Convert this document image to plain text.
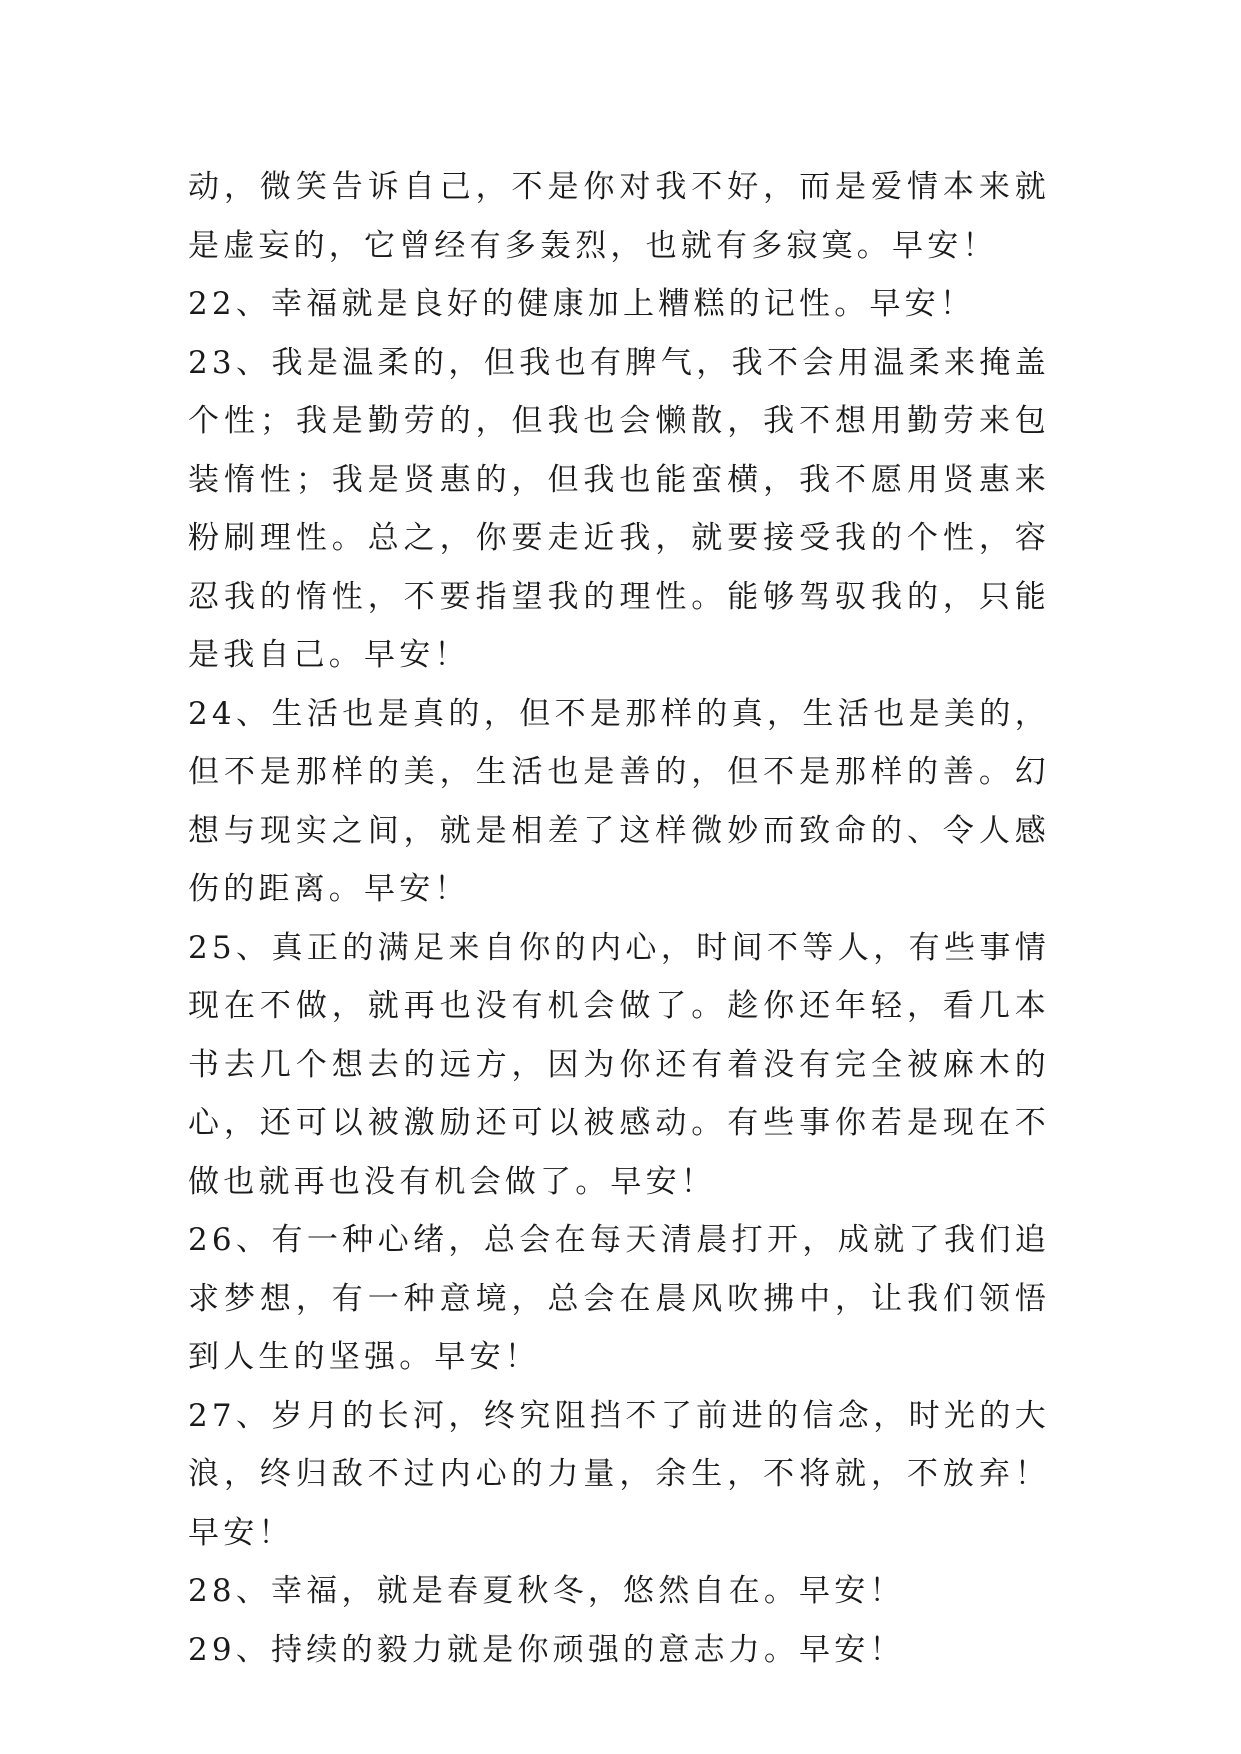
动，微笑告诉自己，不是你对我不好，而是爱情本来就是虚妄的，它曾经有多轰烈，也就有多寂寞。早安！

22、幸福就是良好的健康加上糟糕的记性。早安！

23、我是温柔的，但我也有脾气，我不会用温柔来掩盖个性；我是勤劳的，但我也会懒散，我不想用勤劳来包装惰性；我是贤惠的，但我也能蛮横，我不愿用贤惠来粉刷理性。总之，你要走近我，就要接受我的个性，容忍我的惰性，不要指望我的理性。能够驾驭我的，只能是我自己。早安！

24、生活也是真的，但不是那样的真，生活也是美的，但不是那样的美，生活也是善的，但不是那样的善。幻想与现实之间，就是相差了这样微妙而致命的、令人感伤的距离。早安！

25、真正的满足来自你的内心，时间不等人，有些事情现在不做，就再也没有机会做了。趁你还年轻，看几本书去几个想去的远方，因为你还有着没有完全被麻木的心，还可以被激励还可以被感动。有些事你若是现在不做也就再也没有机会做了。早安！

26、有一种心绪，总会在每天清晨打开，成就了我们追求梦想，有一种意境，总会在晨风吹拂中，让我们领悟到人生的坚强。早安！

27、岁月的长河，终究阻挡不了前进的信念，时光的大浪，终归敌不过内心的力量，余生，不将就，不放弃！早安！

28、幸福，就是春夏秋冬，悠然自在。早安！

29、持续的毅力就是你顽强的意志力。早安！
